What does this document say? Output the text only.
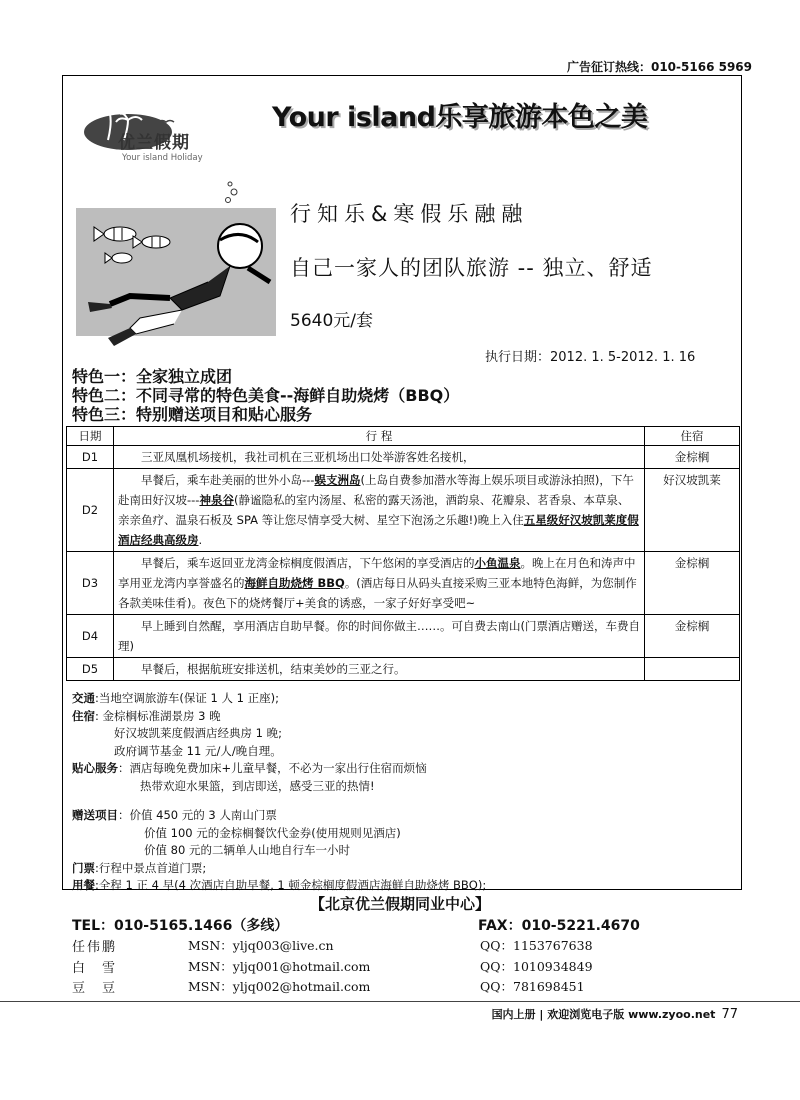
广告征订热线：010-5166 5969
优兰假期
Your island Holiday
Your island乐享旅游本色之美
行知乐&寒假乐融融
自己一家人的团队旅游 -- 独立、舒适
5640元/套
执行日期：2012. 1. 5-2012. 1. 16
特色一：全家独立成团
特色二：不同寻常的特色美食--海鲜自助烧烤（BBQ）
特色三：特别赠送项目和贴心服务
日期	行 程	住宿
D1	三亚凤凰机场接机，我社司机在三亚机场出口处举游客姓名接机，	金棕榈
D2	早餐后，乘车赴美丽的世外小岛---蜈支洲岛(上岛自费参加潜水等海上娱乐项目或游泳拍照)，下午赴南田好汉坡---神泉谷(静谧隐私的室内汤屋、私密的露天汤池，酒韵泉、花瓣泉、茗香泉、本草泉、亲亲鱼疗、温泉石板及 SPA 等让您尽情享受大树、星空下泡汤之乐趣!)晚上入住五星级好汉坡凯莱度假酒店经典高级房.	好汉坡凯莱
D3	早餐后，乘车返回亚龙湾金棕榈度假酒店，下午悠闲的享受酒店的小鱼温泉。晚上在月色和涛声中享用亚龙湾内享誉盛名的海鲜自助烧烤 BBQ。(酒店每日从码头直接采购三亚本地特色海鲜，为您制作各款美味佳肴)。夜色下的烧烤餐厅+美食的诱惑，一家子好好享受吧~	金棕榈
D4	早上睡到自然醒，享用酒店自助早餐。你的时间你做主……。可自费去南山(门票酒店赠送，车费自理)	金棕榈
D5	早餐后，根据航班安排送机，结束美妙的三亚之行。	
交通:当地空调旅游车(保证 1 人 1 正座);
住宿: 金棕榈标准湖景房 3 晚
好汉坡凯莱度假酒店经典房 1 晚;
政府调节基金 11 元/人/晚自理。
贴心服务：酒店每晚免费加床+儿童早餐，不必为一家出行住宿而烦恼
热带欢迎水果篮，到店即送，感受三亚的热情!
赠送项目：价值 450 元的 3 人南山门票
价值 100 元的金棕榈餐饮代金券(使用规则见酒店)
价值 80 元的二辆单人山地自行车一小时
门票:行程中景点首道门票;
用餐:全程 1 正 4 早(4 次酒店自助早餐, 1 顿金棕榈度假酒店海鲜自助烧烤 BBQ);
【北京优兰假期同业中心】
TEL：010-5165.1466（多线）	FAX：010-5221.4670
任伟鹏	MSN：yljq003@live.cn	QQ：1153767638
白　雪	MSN：yljq001@hotmail.com	QQ：1010934849
豆　豆	MSN：yljq002@hotmail.com	QQ：781698451
国内上册 | 欢迎浏览电子版 www.zyoo.net 77
